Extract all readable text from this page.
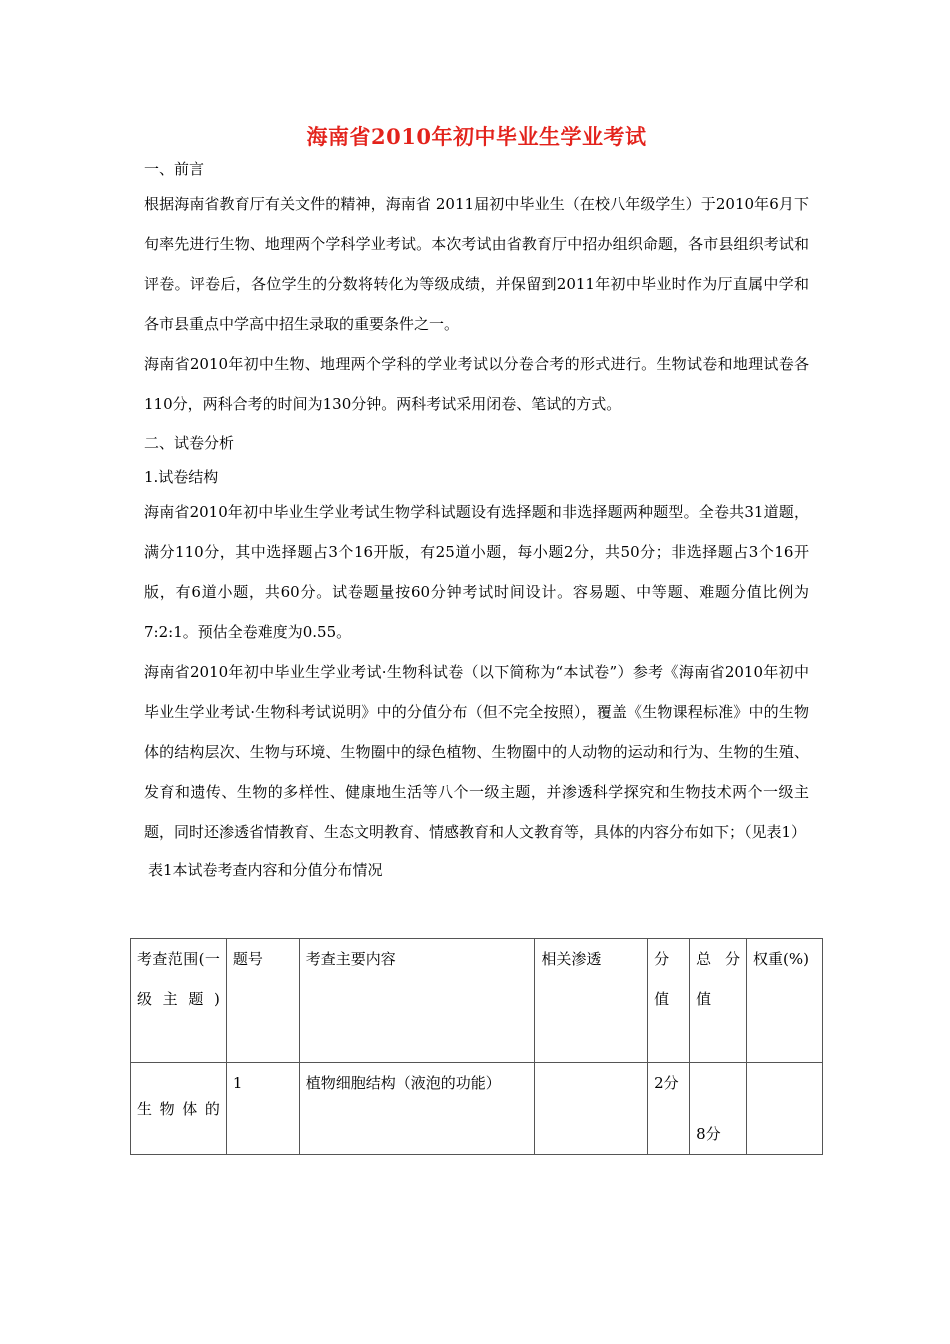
海南省2010年初中毕业生学业考试

一、前言

根据海南省教育厅有关文件的精神，海南省 2011届初中毕业生（在校八年级学生）于2010年6月下旬率先进行生物、地理两个学科学业考试。本次考试由省教育厅中招办组织命题，各市县组织考试和评卷。评卷后，各位学生的分数将转化为等级成绩，并保留到2011年初中毕业时作为厅直属中学和各市县重点中学高中招生录取的重要条件之一。

海南省2010年初中生物、地理两个学科的学业考试以分卷合考的形式进行。生物试卷和地理试卷各110分，两科合考的时间为130分钟。两科考试采用闭卷、笔试的方式。

二、试卷分析

1.试卷结构

海南省2010年初中毕业生学业考试生物学科试题设有选择题和非选择题两种题型。全卷共31道题，满分110分，其中选择题占3个16开版，有25道小题，每小题2分，共50分；非选择题占3个16开版，有6道小题，共60分。试卷题量按60分钟考试时间设计。容易题、中等题、难题分值比例为7:2:1。预估全卷难度为0.55。

海南省2010年初中毕业生学业考试·生物科试卷（以下简称为“本试卷”）参考《海南省2010年初中毕业生学业考试·生物科考试说明》中的分值分布（但不完全按照），覆盖《生物课程标准》中的生物体的结构层次、生物与环境、生物圈中的绿色植物、生物圈中的人动物的运动和行为、生物的生殖、发育和遗传、生物的多样性、健康地生活等八个一级主题，并渗透科学探究和生物技术两个一级主题，同时还渗透省情教育、生态文明教育、情感教育和人文教育等，具体的内容分布如下；（见表1）

表1本试卷考查内容和分值分布情况

考查范围(一级主题)	题号	考查主要内容	相关渗透	分值	总 分值	权重(%)
生物体的	1	植物细胞结构（液泡的功能）		2分	8分	
